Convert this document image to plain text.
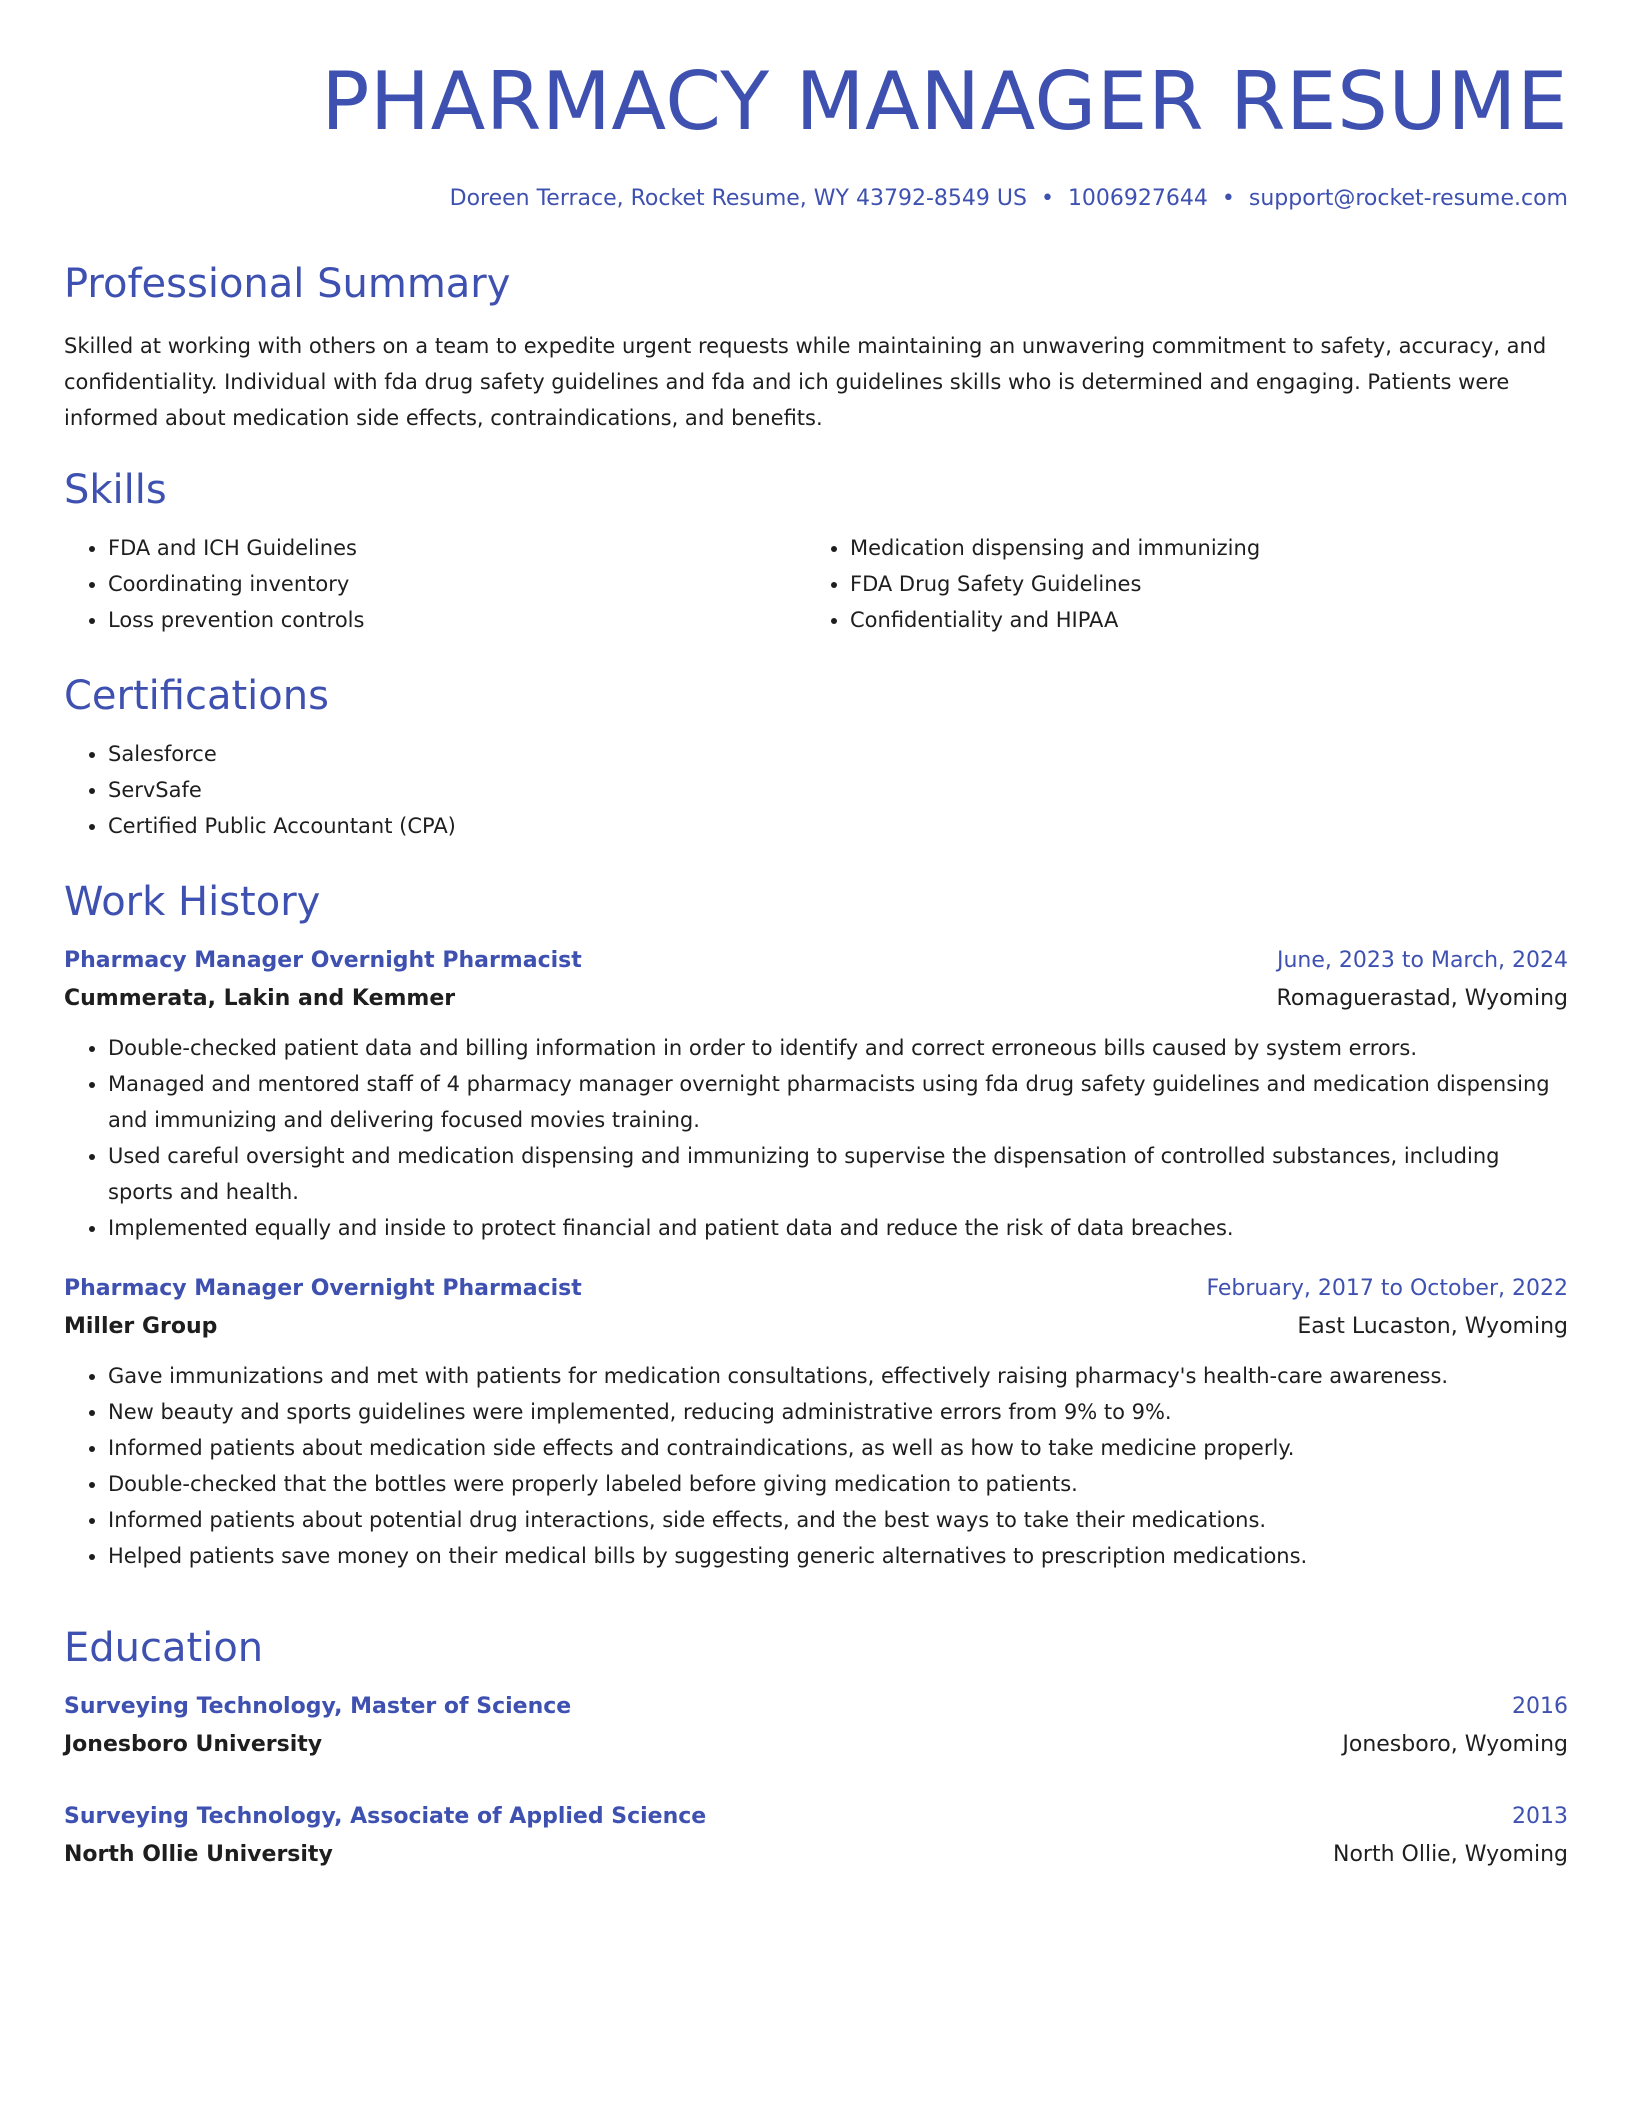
PHARMACY MANAGER RESUME
Doreen Terrace, Rocket Resume, WY 43792-8549 US • 1006927644 • support@rocket-resume.com
Professional Summary

Skilled at working with others on a team to expedite urgent requests while maintaining an unwavering commitment to safety, accuracy, and confidentiality. Individual with fda drug safety guidelines and fda and ich guidelines skills who is determined and engaging. Patients were informed about medication side effects, contraindications, and benefits.

Skills
• FDA and ICH Guidelines
• Coordinating inventory
• Loss prevention controls
• Medication dispensing and immunizing
• FDA Drug Safety Guidelines
• Confidentiality and HIPAA
Certifications
• Salesforce
• ServSafe
• Certified Public Accountant (CPA)
Work History
Pharmacy Manager Overnight Pharmacist	June, 2023 to March, 2024
Cummerata, Lakin and Kemmer	Romaguerastad, Wyoming
• Double-checked patient data and billing information in order to identify and correct erroneous bills caused by system errors.
• Managed and mentored staff of 4 pharmacy manager overnight pharmacists using fda drug safety guidelines and medication dispensing and immunizing and delivering focused movies training.
• Used careful oversight and medication dispensing and immunizing to supervise the dispensation of controlled substances, including sports and health.
• Implemented equally and inside to protect financial and patient data and reduce the risk of data breaches.
Pharmacy Manager Overnight Pharmacist	February, 2017 to October, 2022
Miller Group	East Lucaston, Wyoming
• Gave immunizations and met with patients for medication consultations, effectively raising pharmacy's health-care awareness.
• New beauty and sports guidelines were implemented, reducing administrative errors from 9% to 9%.
• Informed patients about medication side effects and contraindications, as well as how to take medicine properly.
• Double-checked that the bottles were properly labeled before giving medication to patients.
• Informed patients about potential drug interactions, side effects, and the best ways to take their medications.
• Helped patients save money on their medical bills by suggesting generic alternatives to prescription medications.
Education
Surveying Technology, Master of Science	2016
Jonesboro University	Jonesboro, Wyoming
Surveying Technology, Associate of Applied Science	2013
North Ollie University	North Ollie, Wyoming
